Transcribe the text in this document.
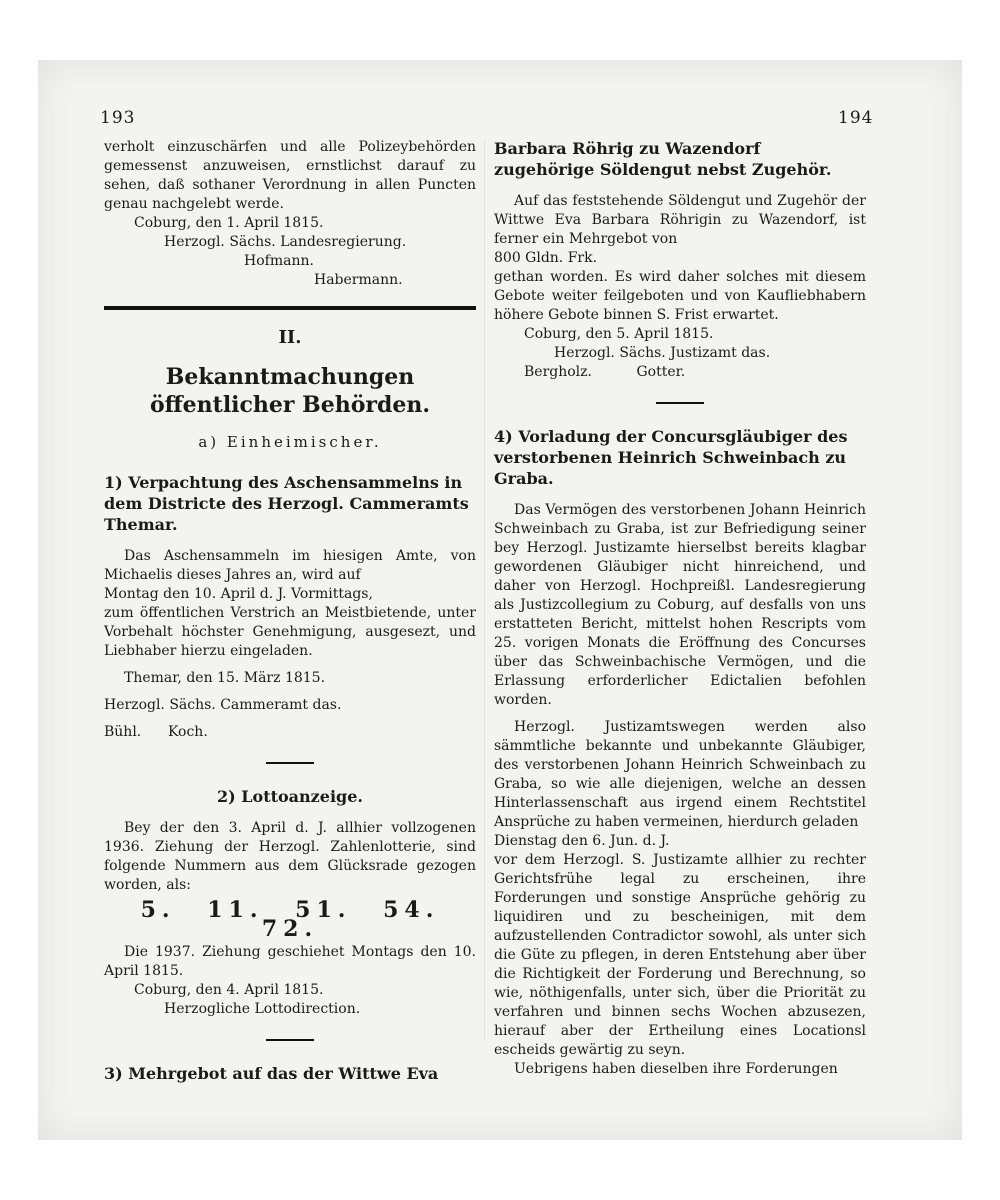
193	194

verholt einzuschärfen und alle Polizeybehörden gemessenst anzuweisen, ernstlichst darauf zu sehen, daß sothaner Verordnung in allen Puncten genau nachgelebt werde.

Coburg, den 1. April 1815.

Herzogl. Sächs. Landesregierung.

Hofmann.

Habermann.

II.
Bekanntmachungen öffentlicher Behörden.
a) Einheimischer.
1) Verpachtung des Aschensammelns in dem Districte des Herzogl. Cammeramts Themar.

Das Aschensammeln im hiesigen Amte, von Michaelis dieses Jahres an, wird auf

Montag den 10. April d. J. Vormittags,

zum öffentlichen Verstrich an Meistbietende, unter Vorbehalt höchster Genehmigung, ausgesezt, und Liebhaber hierzu eingeladen.

Themar, den 15. März 1815.

Herzogl. Sächs. Cammeramt das.

Bühl.      Koch.

2) Lottoanzeige.

Bey der den 3. April d. J. allhier vollzogenen 1936. Ziehung der Herzogl. Zahlenlotterie, sind folgende Nummern aus dem Glücksrade gezogen worden, als:

5. 11. 51. 54. 72.

Die 1937. Ziehung geschiehet Montags den 10. April 1815.

Coburg, den 4. April 1815.

Herzogliche Lottodirection.

3) Mehrgebot auf das der Wittwe Eva
Barbara Röhrig zu Wazendorf zugehörige Söldengut nebst Zugehör.

Auf das feststehende Söldengut und Zugehör der Wittwe Eva Barbara Röhrigin zu Wazendorf, ist ferner ein Mehrgebot von

800 Gldn. Frk.

gethan worden. Es wird daher solches mit diesem Gebote weiter feilgeboten und von Kaufliebhabern höhere Gebote binnen S. Frist erwartet.

Coburg, den 5. April 1815.

Herzogl. Sächs. Justizamt das.

Bergholz.          Gotter.

4) Vorladung der Concursgläubiger des verstorbenen Heinrich Schweinbach zu Graba.

Das Vermögen des verstorbenen Johann Heinrich Schweinbach zu Graba, ist zur Befriedigung seiner bey Herzogl. Justizamte hierselbst bereits klagbar gewordenen Gläubiger nicht hinreichend, und daher von Herzogl. Hochpreißl. Landesregierung als Justizcollegium zu Coburg, auf desfalls von uns erstatteten Bericht, mittelst hohen Rescripts vom 25. vorigen Monats die Eröffnung des Concurses über das Schweinbachische Vermögen, und die Erlassung erforderlicher Edictalien befohlen worden.

Herzogl. Justizamtswegen werden also sämmtliche bekannte und unbekannte Gläubiger, des verstorbenen Johann Heinrich Schweinbach zu Graba, so wie alle diejenigen, welche an dessen Hinterlassenschaft aus irgend einem Rechtstitel Ansprüche zu haben vermeinen, hierdurch geladen

Dienstag den 6. Jun. d. J.

vor dem Herzogl. S. Justizamte allhier zu rechter Gerichtsfrühe legal zu erscheinen, ihre Forderungen und sonstige Ansprüche gehörig zu liquidiren und zu bescheinigen, mit dem aufzustellenden Contradictor sowohl, als unter sich die Güte zu pflegen, in deren Entstehung aber über die Richtigkeit der Forderung und Berechnung, so wie, nöthigenfalls, unter sich, über die Priorität zu verfahren und binnen sechs Wochen abzusezen, hierauf aber der Ertheilung eines Locationsl escheids gewärtig zu seyn.

Uebrigens haben dieselben ihre Forderungen
